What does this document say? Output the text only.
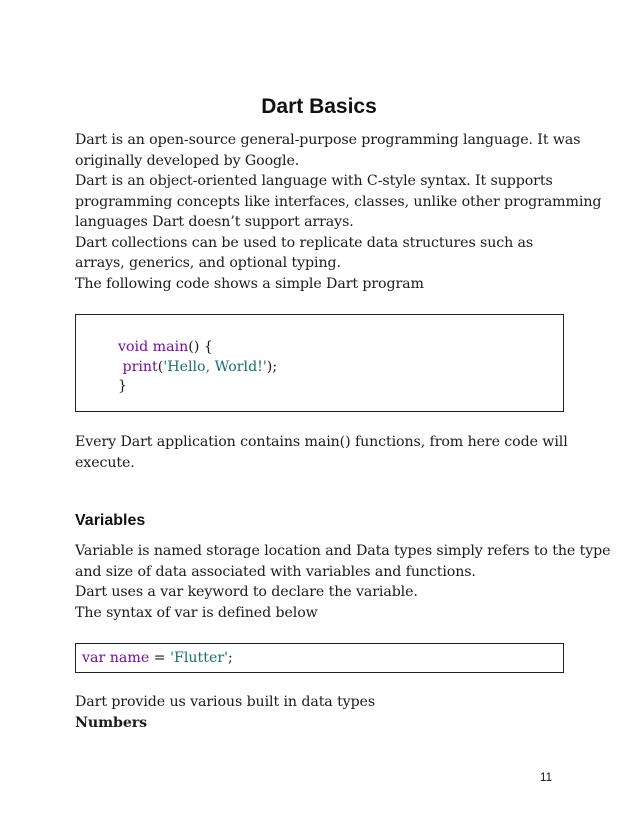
Dart Basics
Dart is an open-source general-purpose programming language. It was
originally developed by Google.
Dart is an object-oriented language with C-style syntax. It supports
programming concepts like interfaces, classes, unlike other programming
languages Dart doesn’t support arrays.
Dart collections can be used to replicate data structures such as
arrays, generics, and optional typing.
The following code shows a simple Dart program
void main() {
print('Hello, World!');
}
Every Dart application contains main() functions, from here code will
execute.
Variables
Variable is named storage location and Data types simply refers to the type
and size of data associated with variables and functions.
Dart uses a var keyword to declare the variable.
The syntax of var is defined below
var name = 'Flutter';
Dart provide us various built in data types
Numbers
11
